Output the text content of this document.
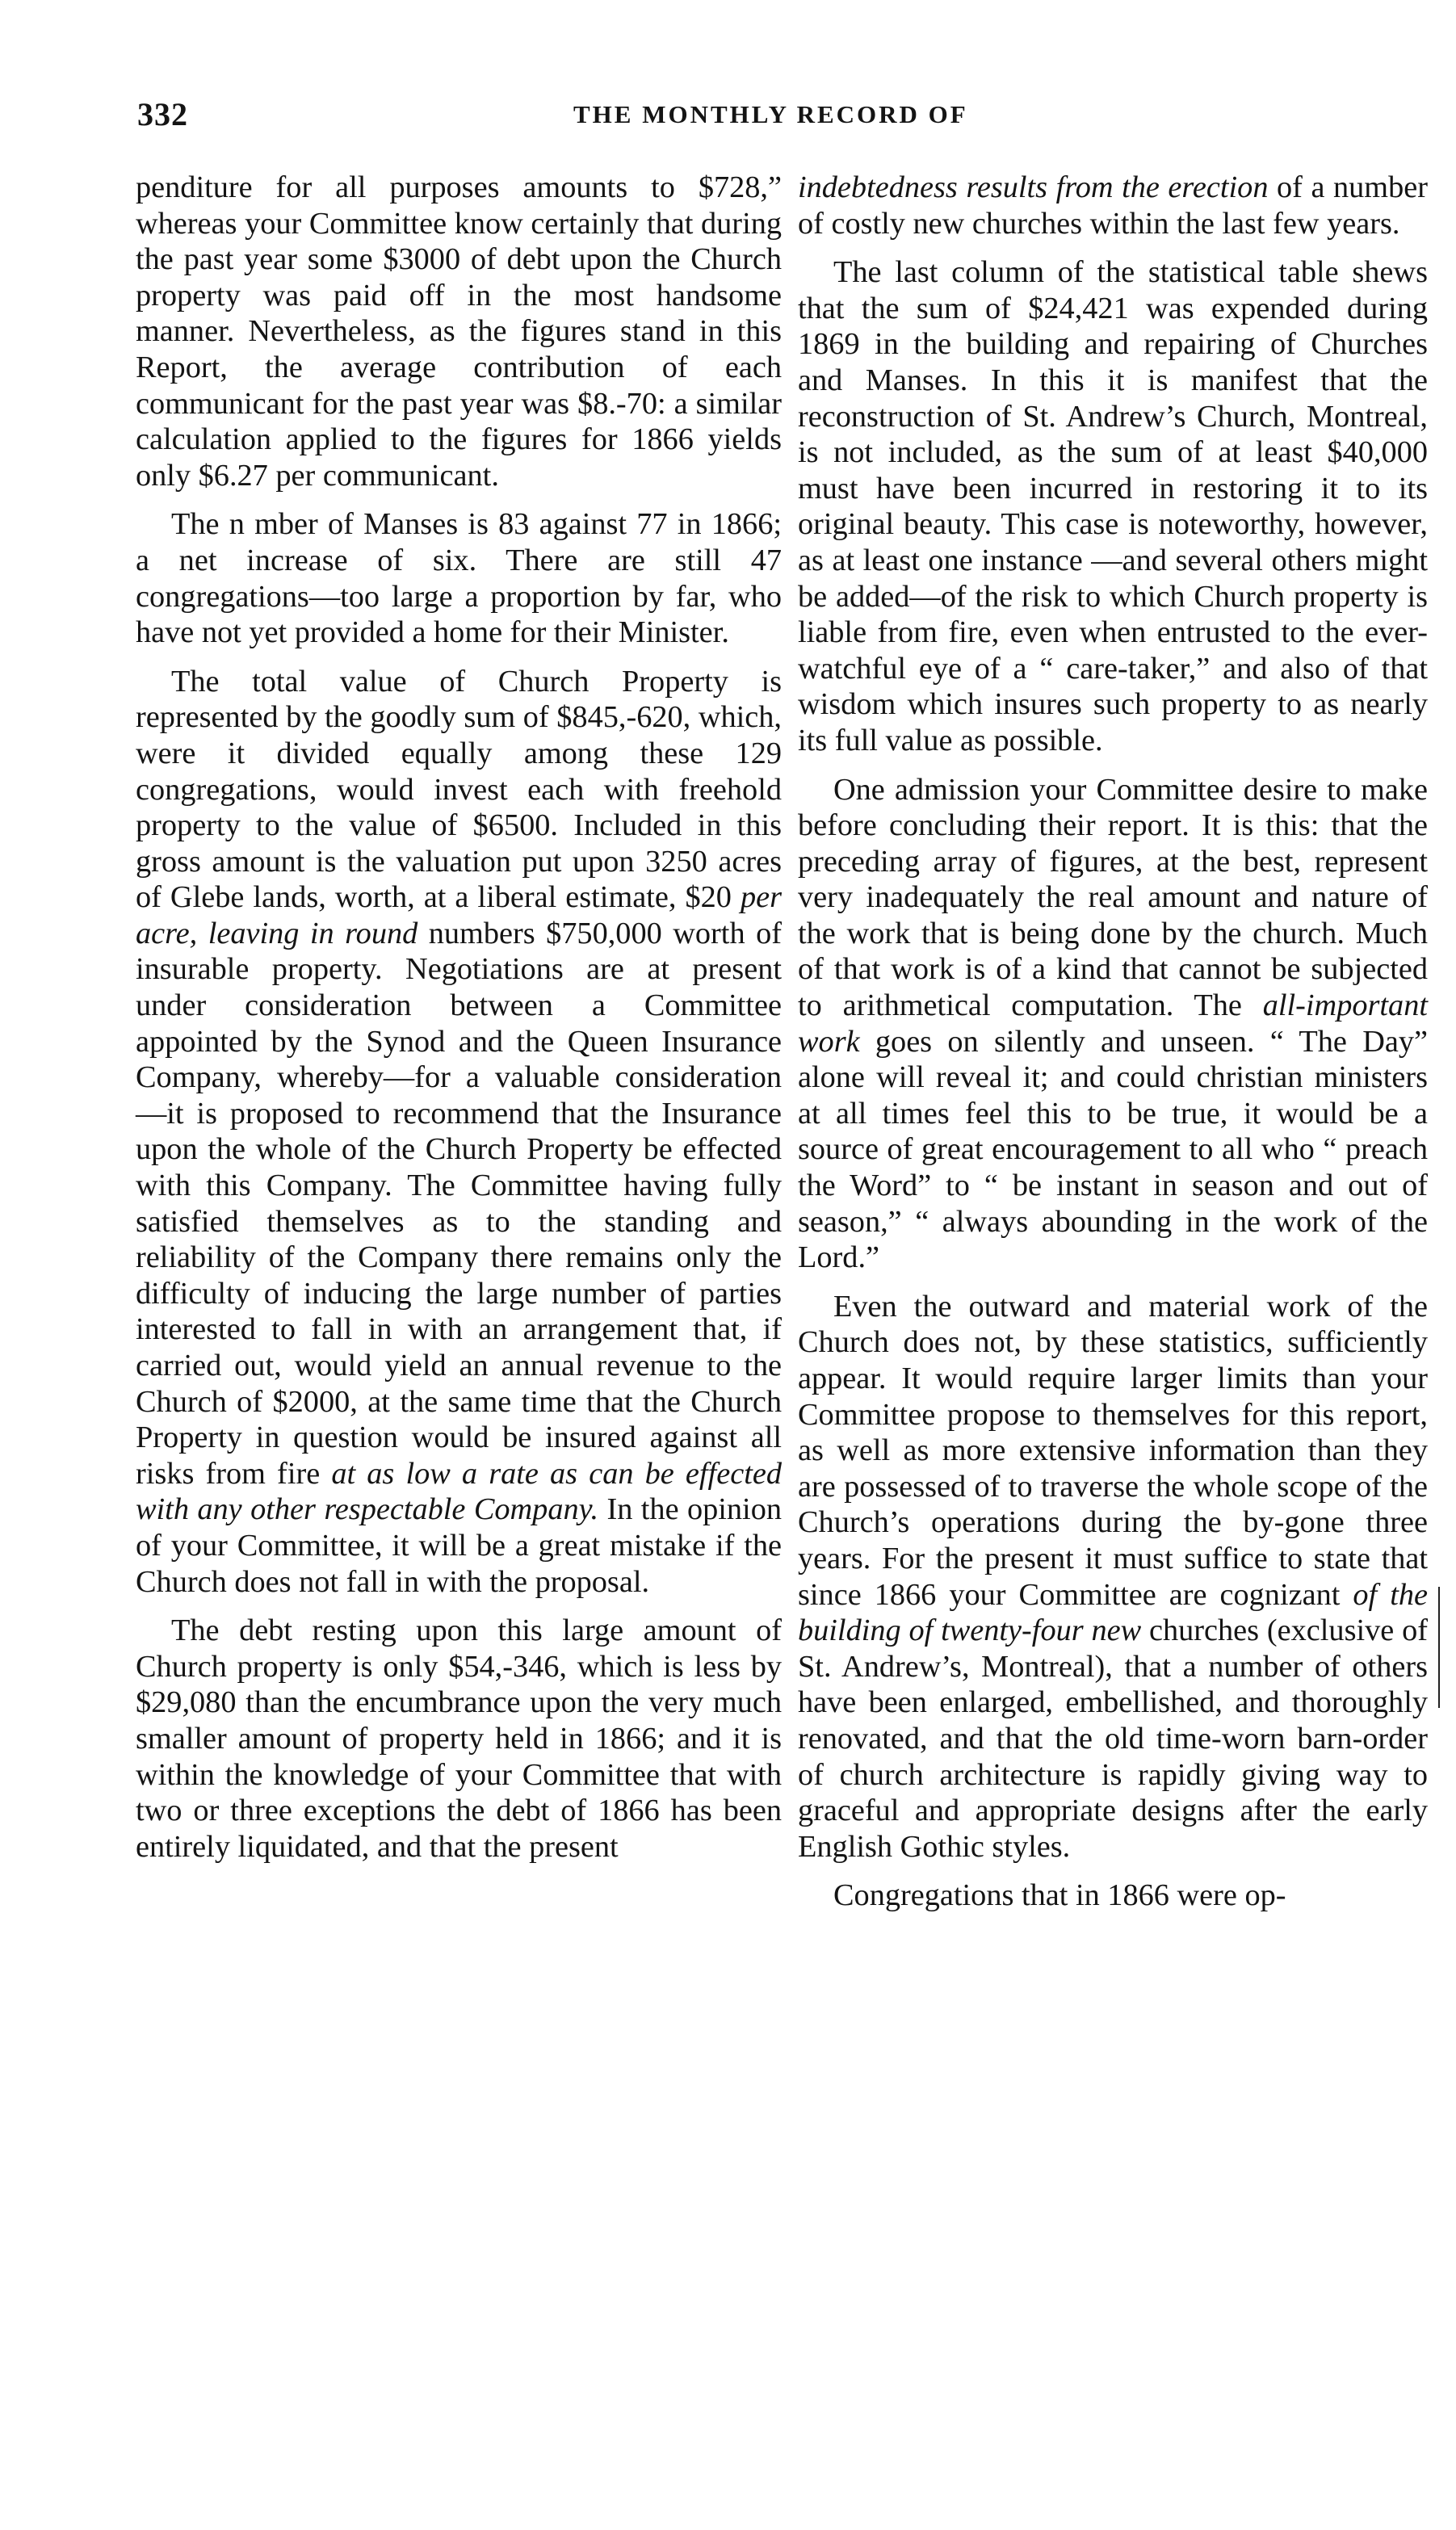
332	THE MONTHLY RECORD OF

penditure for all purposes amounts to $728,” whereas your Committee know certainly that during the past year some $3000 of debt upon the Church property was paid off in the most handsome manner. Nevertheless, as the figures stand in this Report, the average contribution of each communicant for the past year was $8.-70: a similar calculation applied to the figures for 1866 yields only $6.27 per communicant.

The n mber of Manses is 83 against 77 in 1866; a net increase of six. There are still 47 congregations—too large a proportion by far, who have not yet provided a home for their Minister.

The total value of Church Property is represented by the goodly sum of $845,-620, which, were it divided equally among these 129 congregations, would invest each with freehold property to the value of $6500. Included in this gross amount is the valuation put upon 3250 acres of Glebe lands, worth, at a liberal estimate, $20 per acre, leaving in round numbers $750,000 worth of insurable property. Negotiations are at present under consideration between a Committee appointed by the Synod and the Queen Insurance Company, whereby—for a valuable consideration—it is proposed to recommend that the Insurance upon the whole of the Church Property be effected with this Company. The Committee having fully satisfied themselves as to the standing and reliability of the Company there remains only the difficulty of inducing the large number of parties interested to fall in with an arrangement that, if carried out, would yield an annual revenue to the Church of $2000, at the same time that the Church Property in question would be insured against all risks from fire at as low a rate as can be effected with any other respectable Company. In the opinion of your Committee, it will be a great mistake if the Church does not fall in with the proposal.

The debt resting upon this large amount of Church property is only $54,-346, which is less by $29,080 than the encumbrance upon the very much smaller amount of property held in 1866; and it is within the knowledge of your Committee that with two or three exceptions the debt of 1866 has been entirely liquidated, and that the present

indebtedness results from the erection of a number of costly new churches within the last few years.

The last column of the statistical table shews that the sum of $24,421 was expended during 1869 in the building and repairing of Churches and Manses. In this it is manifest that the reconstruction of St. Andrew’s Church, Montreal, is not included, as the sum of at least $40,000 must have been incurred in restoring it to its original beauty. This case is noteworthy, however, as at least one instance —and several others might be added—of the risk to which Church property is liable from fire, even when entrusted to the ever-watchful eye of a “ care-taker,” and also of that wisdom which insures such property to as nearly its full value as possible.

One admission your Committee desire to make before concluding their report. It is this: that the preceding array of figures, at the best, represent very inadequately the real amount and nature of the work that is being done by the church. Much of that work is of a kind that cannot be subjected to arithmetical computation. The all-important work goes on silently and unseen. “ The Day” alone will reveal it; and could christian ministers at all times feel this to be true, it would be a source of great encouragement to all who “ preach the Word” to “ be instant in season and out of season,” “ always abounding in the work of the Lord.”

Even the outward and material work of the Church does not, by these statistics, sufficiently appear. It would require larger limits than your Committee propose to themselves for this report, as well as more extensive information than they are possessed of to traverse the whole scope of the Church’s operations during the by-gone three years. For the present it must suffice to state that since 1866 your Committee are cognizant of the building of twenty-four new churches (exclusive of St. Andrew’s, Montreal), that a number of others have been enlarged, embellished, and thoroughly renovated, and that the old time-worn barn-order of church architecture is rapidly giving way to graceful and appropriate designs after the early English Gothic styles.

Congregations that in 1866 were op-
